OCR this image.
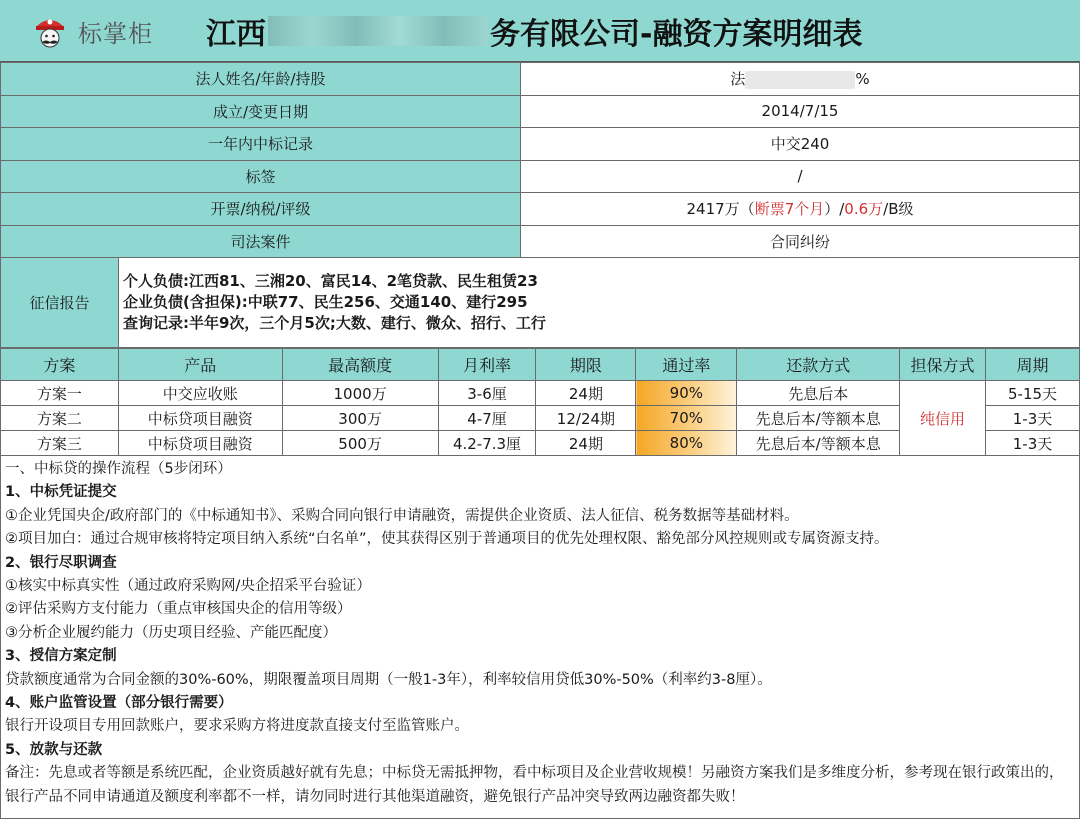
标掌柜 江西	务有限公司-融资方案明细表
法人姓名/年龄/持股		法 %
成立/变更日期		2014/7/15
一年内中标记录		中交240
标签		/
开票/纳税/评级		2417万（断票7个月）/0.6万/B级
司法案件		合同纠纷
征信报告	个人负债:江西81、三湘20、富民14、2笔贷款、民生租赁23
企业负债(含担保):中联77、民生256、交通140、建行295
查询记录:半年9次，三个月5次;大数、建行、微众、招行、工行	
方案	产品	最高额度	月利率	期限	通过率	还款方式	担保方式	周期
方案一	中交应收账	1000万	3-6厘	24期	90%	先息后本	纯信用	5-15天
方案二	中标贷项目融资	300万	4-7厘	12/24期	70%	先息后本/等额本息		1-3天
方案三	中标贷项目融资	500万	4.2-7.3厘	24期	80%	先息后本/等额本息		1-3天

一、中标贷的操作流程（5步闭环）

1、中标凭证提交

①企业凭国央企/政府部门的《中标通知书》、采购合同向银行申请融资，需提供企业资质、法人征信、税务数据等基础材料。

②项目加白：通过合规审核将特定项目纳入系统“白名单”，使其获得区别于普通项目的优先处理权限、豁免部分风控规则或专属资源支持。

2、银行尽职调查

①核实中标真实性（通过政府采购网/央企招采平台验证）

②评估采购方支付能力（重点审核国央企的信用等级）

③分析企业履约能力（历史项目经验、产能匹配度）

3、授信方案定制

贷款额度通常为合同金额的30%-60%，期限覆盖项目周期（一般1-3年），利率较信用贷低30%-50%（利率约3-8厘）。

4、账户监管设置（部分银行需要）

银行开设项目专用回款账户，要求采购方将进度款直接支付至监管账户。

5、放款与还款

备注：先息或者等额是系统匹配，企业资质越好就有先息；中标贷无需抵押物，看中标项目及企业营收规模！另融资方案我们是多维度分析，参考现在银行政策出的，银行产品不同申请通道及额度利率都不一样，请勿同时进行其他渠道融资，避免银行产品冲突导致两边融资都失败！
